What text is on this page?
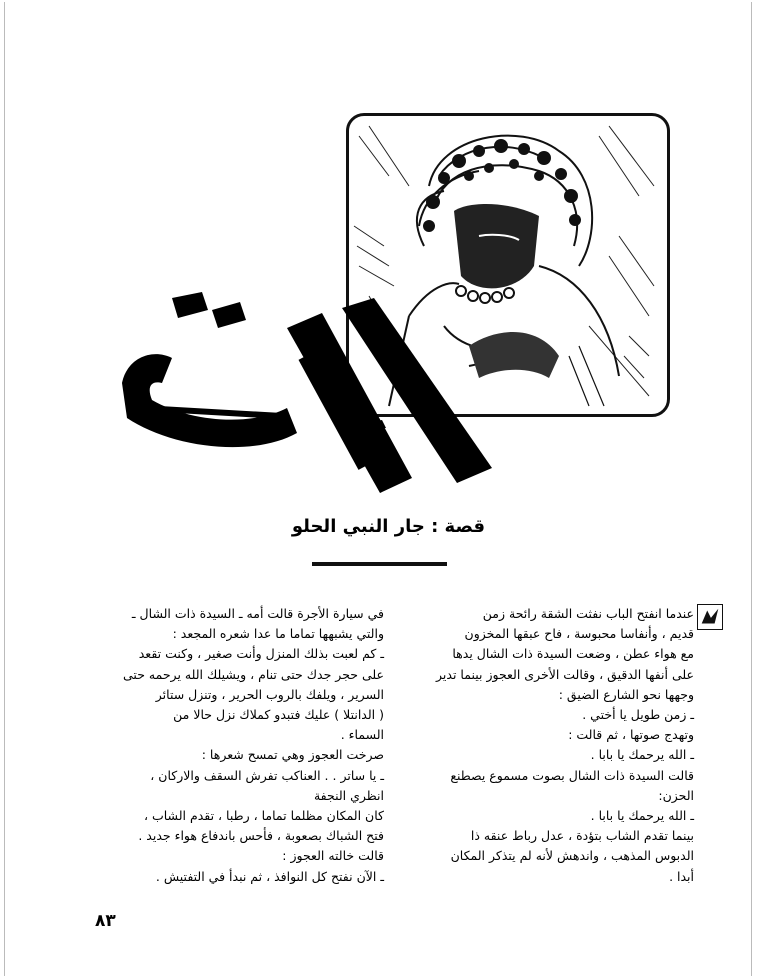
قصة : جار النبي الحلو

عندما انفتح الباب نفثت الشقة رائحة زمن

قديم ، وأنفاسا محبوسة ، فاح عبقها المخزون

مع هواء عطن ، وضعت السيدة ذات الشال يدها

على أنفها الدقيق ، وقالت الأخرى العجوز بينما تدير

وجهها نحو الشارع الضيق :

ـ زمن طويل يا أختي .

وتهدج صوتها ، ثم قالت :

ـ الله يرحمك يا بابا .

قالت السيدة ذات الشال بصوت مسموع يصطنع

الحزن:

ـ الله يرحمك يا بابا .

بينما تقدم الشاب بتؤدة ، عدل رباط عنقه ذا

الدبوس المذهب ، واندهش لأنه لم يتذكر المكان

أبدا .

في سيارة الأجرة قالت أمه ـ السيدة ذات الشال ـ

والتي يشبهها تماما ما عدا شعره المجعد :

ـ كم لعبت بذلك المنزل وأنت صغير ، وكنت تقعد

على حجر جدك حتى تنام ، ويشيلك الله يرحمه حتى

السرير ، ويلفك بالروب الحرير ، وتنزل ستائر

( الدانتلا ) عليك فتبدو كملاك نزل حالا من

السماء .

صرخت العجوز وهي تمسح شعرها :

ـ يا ساتر . . العناكب تفرش السقف والاركان ،

انظري النجفة

كان المكان مظلما تماما ، رطبا ، تقدم الشاب ،

فتح الشباك بصعوبة ، فأحس باندفاع هواء جديد .

قالت خالته العجوز :

ـ الآن نفتح كل النوافذ ، ثم نبدأ في التفتيش .

٨٣
